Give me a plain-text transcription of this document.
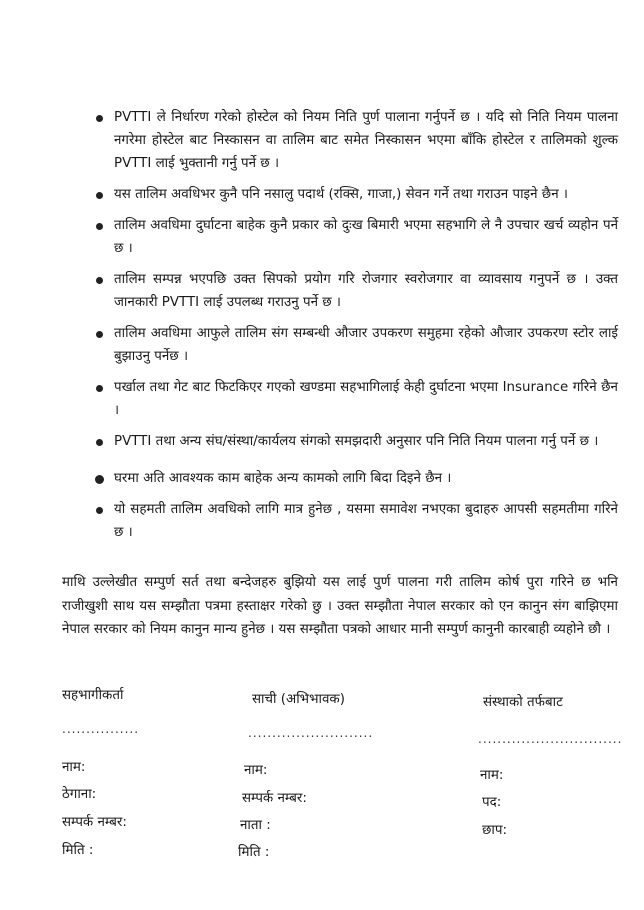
PVTTI ले निर्धारण गरेको होस्टेल को नियम निति पुर्ण पालाना गर्नुपर्ने छ । यदि सो निति नियम पालना नगरेमा होस्टेल बाट निस्कासन वा तालिम बाट समेत निस्कासन भएमा बाँकि होस्टेल र तालिमको शुल्क PVTTI लाई भुक्तानी गर्नु पर्ने छ ।
यस तालिम अवधिभर कुनै पनि नसालु पदार्थ (रक्सि, गाजा,) सेवन गर्ने तथा गराउन पाइने छैन ।
तालिम अवधिमा दुर्घाटना बाहेक कुनै प्रकार को दुःख बिमारी भएमा सहभागि ले नै उपचार खर्च व्यहोन पर्ने छ ।
तालिम सम्पन्न भएपछि उक्त सिपको प्रयोग गरि रोजगार स्वरोजगार वा व्यावसाय गनुपर्ने छ । उक्त जानकारी PVTTI लाई उपलब्ध गराउनु पर्ने छ ।
तालिम अवधिमा आफुले तालिम संग सम्बन्धी औजार उपकरण समुहमा रहेको औजार उपकरण स्टोर लाई बुझाउनु पर्नेछ ।
पर्खाल तथा गेट बाट फिटकिएर गएको खण्डमा सहभागिलाई केही दुर्घाटना भएमा Insurance गरिने छैन ।
PVTTI तथा अन्य संघ/संस्था/कार्यलय संगको समझदारी अनुसार पनि निति नियम पालना गर्नु पर्ने छ ।
घरमा अति आवश्यक काम बाहेक अन्य कामको लागि बिदा दिइने छैन ।
यो सहमती तालिम अवधिको लागि मात्र हुनेछ , यसमा समावेश नभएका बुदाहरु आपसी सहमतीमा गरिने छ ।

माथि उल्लेखीत सम्पुर्ण सर्त तथा बन्देजहरु बुझियो यस लाई पुर्ण पालना गरी तालिम कोर्ष पुरा गरिने छ भनि राजीखुशी साथ यस सम्झौता पत्रमा हस्ताक्षर गरेको छु । उक्त सम्झौता नेपाल सरकार को एन कानुन संग बाझिएमा नेपाल सरकार को नियम कानुन मान्य हुनेछ । यस सम्झौता पत्रको आधार मानी सम्पुर्ण कानुनी कारबाही व्यहोने छौ ।

सहभागीकर्ता
................
नाम:
ठेगाना:
सम्पर्क नम्बर:
मिति :
साची (अभिभावक)
..........................
नाम:
सम्पर्क नम्बर:
नाता :
मिति :
संस्थाको तर्फबाट
..............................
नाम:
पद:
छाप:
